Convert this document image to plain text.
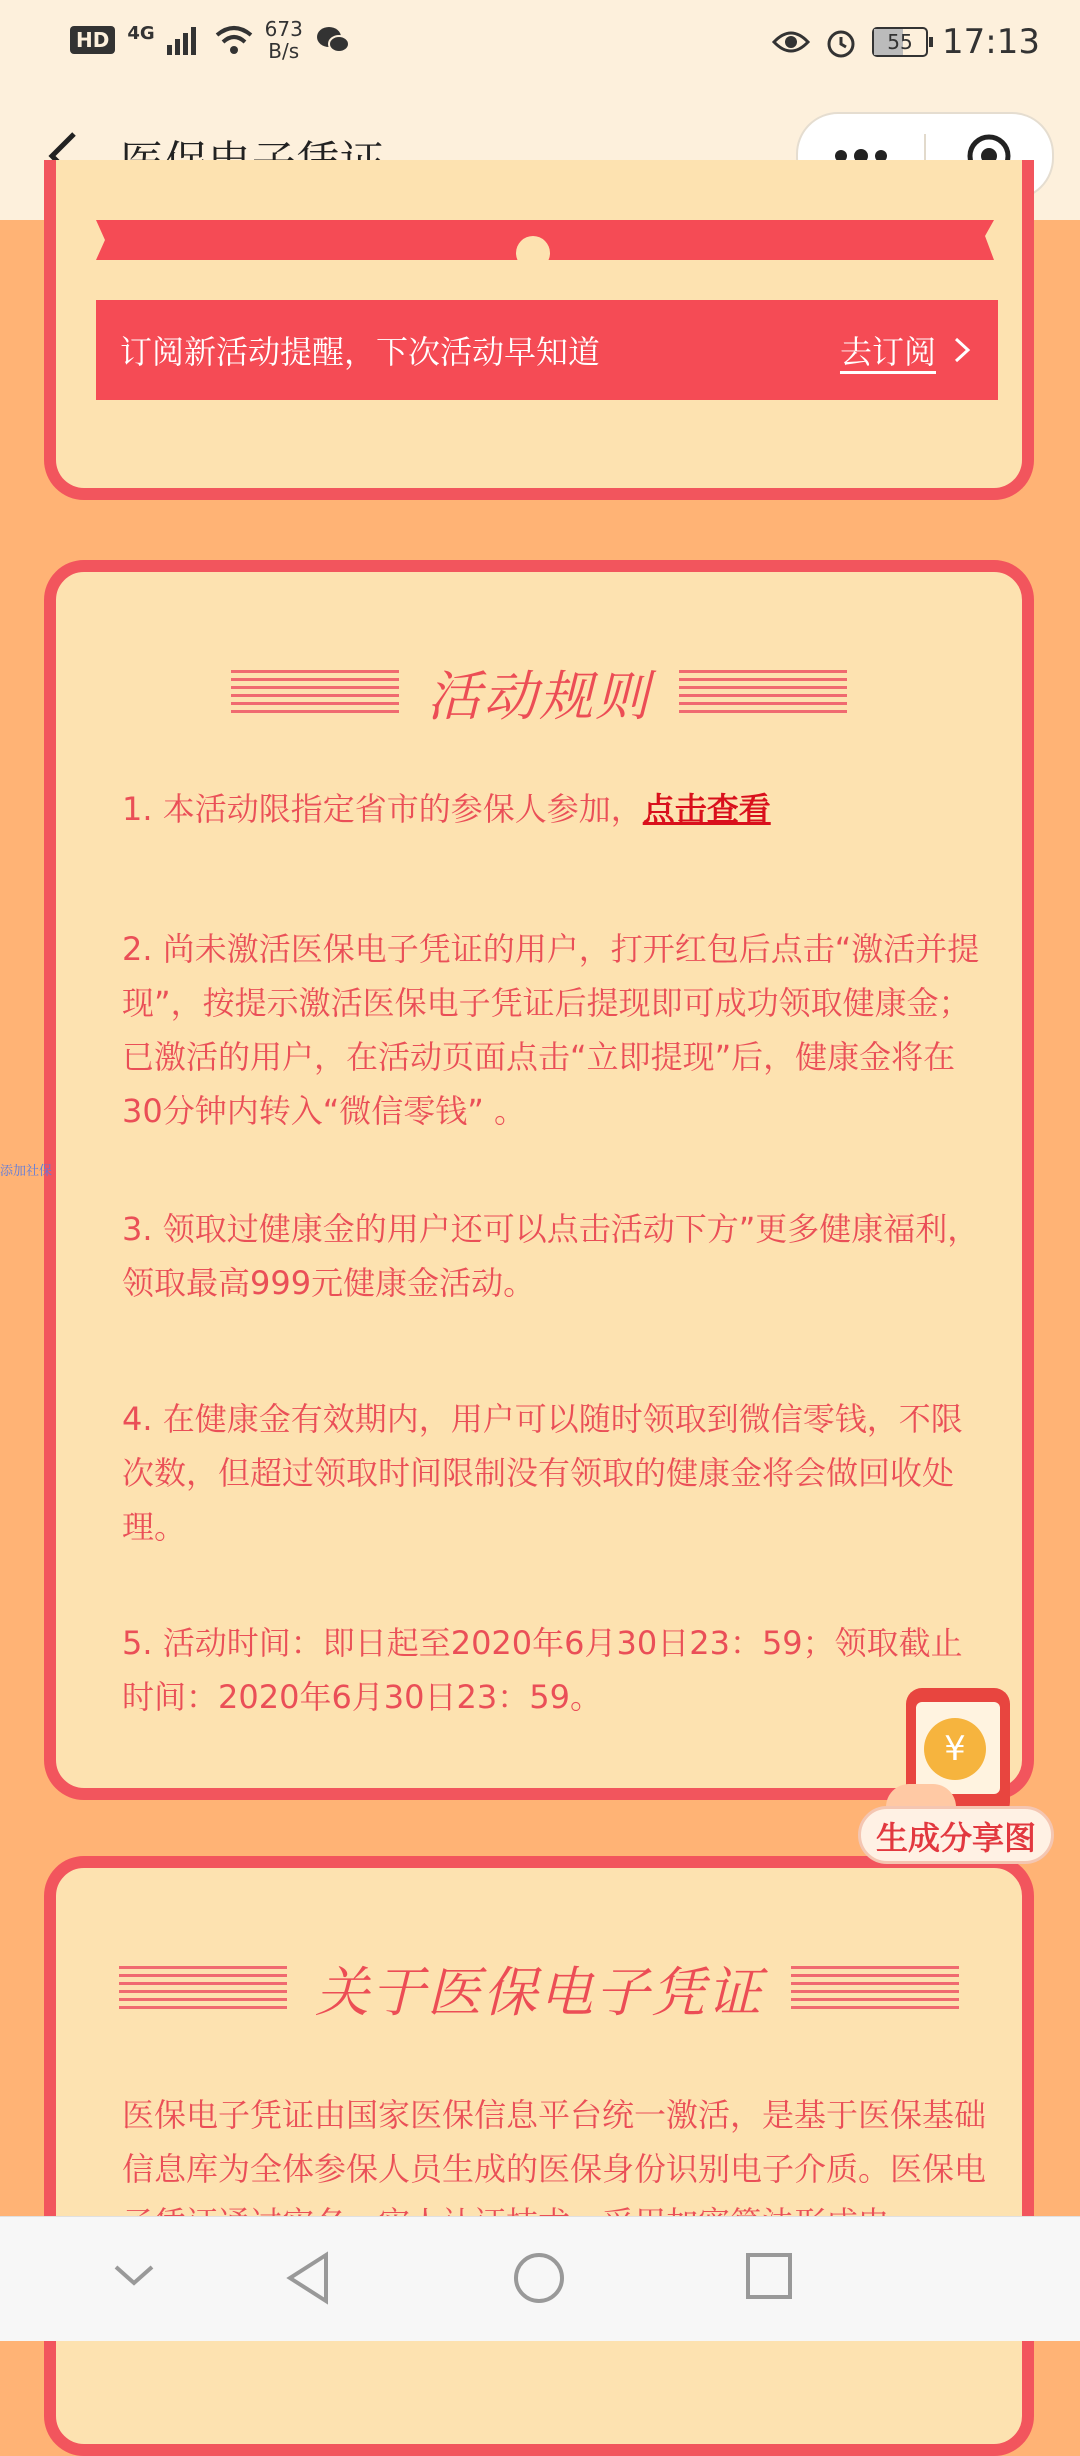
HD	4G	673
B/s	55 17:13
订阅新活动提醒，下次活动早知道	去订阅
活动规则
1. 本活动限指定省市的参保人参加，点击查看
2. 尚未激活医保电子凭证的用户，打开红包后点击“激活并提现”，按提示激活医保电子凭证后提现即可成功领取健康金；已激活的用户，在活动页面点击“立即提现”后，健康金将在30分钟内转入“微信零钱” 。
3. 领取过健康金的用户还可以点击活动下方”更多健康福利，领取最高999元健康金活动。
4. 在健康金有效期内，用户可以随时领取到微信零钱，不限次数，但超过领取时间限制没有领取的健康金将会做回收处理。
5. 活动时间：即日起至2020年6月30日23：59；领取截止时间：2020年6月30日23：59。
添加社保
关于医保电子凭证
医保电子凭证由国家医保信息平台统一激活，是基于医保基础信息库为全体参保人员生成的医保身份识别电子介质。医保电
¥
生成分享图
